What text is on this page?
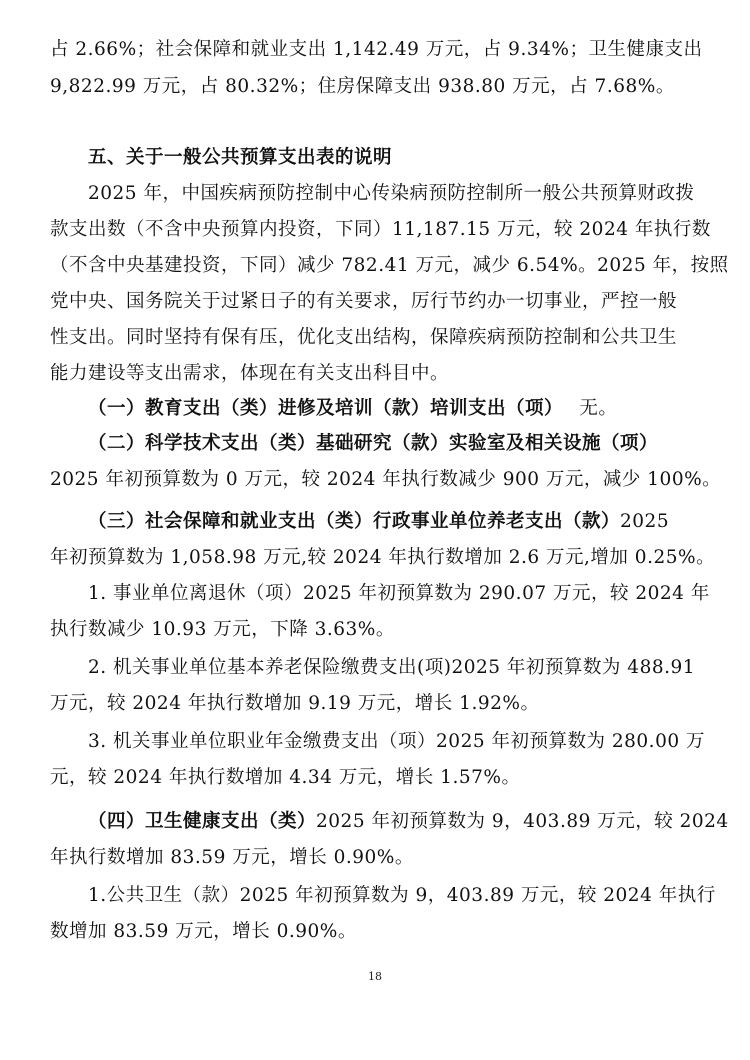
占 2.66%；社会保障和就业支出 1,142.49 万元，占 9.34%；卫生健康支出
9,822.99 万元，占 80.32%；住房保障支出 938.80 万元，占 7.68%。
五、关于一般公共预算支出表的说明
2025 年，中国疾病预防控制中心传染病预防控制所一般公共预算财政拨
款支出数（不含中央预算内投资，下同）11,187.15 万元，较 2024 年执行数
（不含中央基建投资，下同）减少 782.41 万元，减少 6.54%。2025 年，按照
党中央、国务院关于过紧日子的有关要求，厉行节约办一切事业，严控一般
性支出。同时坚持有保有压，优化支出结构，保障疾病预防控制和公共卫生
能力建设等支出需求，体现在有关支出科目中。
（一）教育支出（类）进修及培训（款）培训支出（项） 无。
（二）科学技术支出（类）基础研究（款）实验室及相关设施（项）
2025 年初预算数为 0 万元，较 2024 年执行数减少 900 万元，减少 100%。
（三）社会保障和就业支出（类）行政事业单位养老支出（款）2025
年初预算数为 1,058.98 万元,较 2024 年执行数增加 2.6 万元,增加 0.25%。
1. 事业单位离退休（项）2025 年初预算数为 290.07 万元，较 2024 年
执行数减少 10.93 万元，下降 3.63%。
2. 机关事业单位基本养老保险缴费支出(项)2025 年初预算数为 488.91
万元，较 2024 年执行数增加 9.19 万元，增长 1.92%。
3. 机关事业单位职业年金缴费支出（项）2025 年初预算数为 280.00 万
元，较 2024 年执行数增加 4.34 万元，增长 1.57%。
（四）卫生健康支出（类）2025 年初预算数为 9，403.89 万元，较 2024
年执行数增加 83.59 万元，增长 0.90%。
1.公共卫生（款）2025 年初预算数为 9，403.89 万元，较 2024 年执行
数增加 83.59 万元，增长 0.90%。
18
